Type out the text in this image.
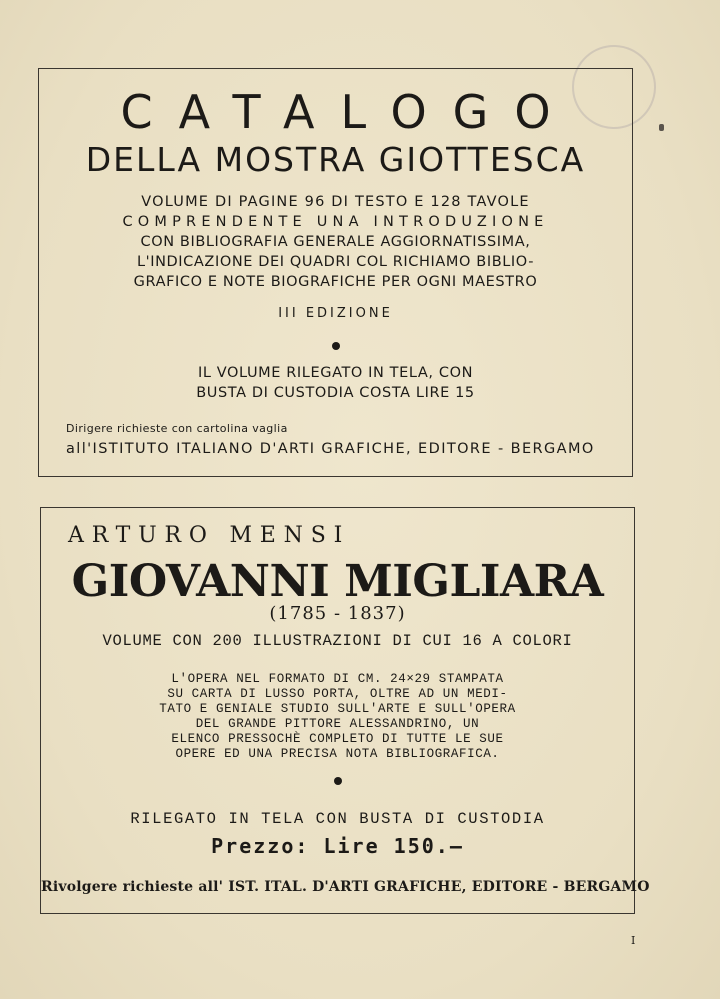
CATALOGO
DELLA MOSTRA GIOTTESCA
VOLUME DI PAGINE 96 DI TESTO E 128 TAVOLE
COMPRENDENTE UNA INTRODUZIONE
CON BIBLIOGRAFIA GENERALE AGGIORNATISSIMA,
L'INDICAZIONE DEI QUADRI COL RICHIAMO BIBLIO-
GRAFICO E NOTE BIOGRAFICHE PER OGNI MAESTRO
III EDIZIONE
IL VOLUME RILEGATO IN TELA, CON
BUSTA DI CUSTODIA COSTA LIRE 15
Dirigere richieste con cartolina vaglia
all'ISTITUTO ITALIANO D'ARTI GRAFICHE, EDITORE - BERGAMO
ARTURO MENSI
GIOVANNI MIGLIARA
(1785 - 1837)
VOLUME CON 200 ILLUSTRAZIONI DI CUI 16 A COLORI
L'OPERA NEL FORMATO DI CM. 24×29 STAMPATA
SU CARTA DI LUSSO PORTA, OLTRE AD UN MEDI-
TATO E GENIALE STUDIO SULL'ARTE E SULL'OPERA
DEL GRANDE PITTORE ALESSANDRINO, UN
ELENCO PRESSOCHÈ COMPLETO DI TUTTE LE SUE
OPERE ED UNA PRECISA NOTA BIBLIOGRAFICA.
RILEGATO IN TELA CON BUSTA DI CUSTODIA
Prezzo: Lire 150.—
Rivolgere richieste all' IST. ITAL. D'ARTI GRAFICHE, EDITORE - BERGAMO
I
